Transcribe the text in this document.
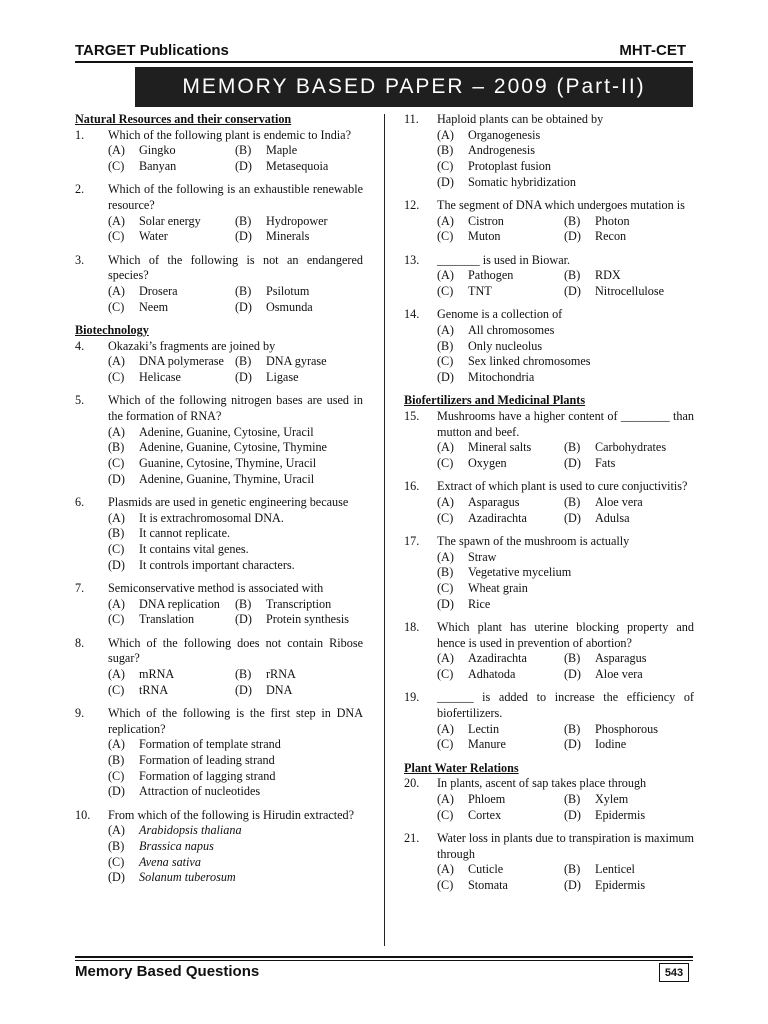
TARGET Publications	MHT-CET
MEMORY BASED PAPER – 2009 (Part-II)
Natural Resources and their conservation
1.	Which of the following plant is endemic to India?
(A)	Gingko	(B)	Maple
(C)	Banyan	(D)	Metasequoia
2.	Which of the following is an exhaustible renewable resource?
(A)	Solar energy	(B)	Hydropower
(C)	Water	(D)	Minerals
3.	Which of the following is not an endangered species?
(A)	Drosera	(B)	Psilotum
(C)	Neem	(D)	Osmunda
Biotechnology
4.	Okazaki’s fragments are joined by
(A)	DNA polymerase (B)	DNA gyrase
(C)	Helicase	(D)	Ligase
5.	Which of the following nitrogen bases are used in the formation of RNA?
(A)	Adenine, Guanine, Cytosine, Uracil
(B)	Adenine, Guanine, Cytosine, Thymine
(C)	Guanine, Cytosine, Thymine, Uracil
(D)	Adenine, Guanine, Thymine, Uracil
6.	Plasmids are used in genetic engineering because
(A)	It is extrachromosomal DNA.
(B)	It cannot replicate.
(C)	It contains vital genes.
(D)	It controls important characters.
7.	Semiconservative method is associated with
(A)	DNA replication	(B)	Transcription
(C)	Translation	(D)	Protein synthesis
8.	Which of the following does not contain Ribose sugar?
(A)	mRNA	(B)	rRNA
(C)	tRNA	(D)	DNA
9.	Which of the following is the first step in DNA replication?
(A)	Formation of template strand
(B)	Formation of leading strand
(C)	Formation of lagging strand
(D)	Attraction of nucleotides
10.	From which of the following is Hirudin extracted?
(A)	Arabidopsis thaliana
(B)	Brassica napus
(C)	Avena sativa
(D)	Solanum tuberosum
11.	Haploid plants can be obtained by
(A)	Organogenesis
(B)	Androgenesis
(C)	Protoplast fusion
(D)	Somatic hybridization
12.	The segment of DNA which undergoes mutation is
(A)	Cistron	(B)	Photon
(C)	Muton	(D)	Recon
13.	_______ is used in Biowar.
(A)	Pathogen	(B)	RDX
(C)	TNT	(D)	Nitrocellulose
14.	Genome is a collection of
(A)	All chromosomes
(B)	Only nucleolus
(C)	Sex linked chromosomes
(D)	Mitochondria
Biofertilizers and Medicinal Plants
15.	Mushrooms have a higher content of ________ than mutton and beef.
(A)	Mineral salts	(B)	Carbohydrates
(C)	Oxygen	(D)	Fats
16.	Extract of which plant is used to cure conjuctivitis?
(A)	Asparagus	(B)	Aloe vera
(C)	Azadirachta	(D)	Adulsa
17.	The spawn of the mushroom is actually
(A)	Straw
(B)	Vegetative mycelium
(C)	Wheat grain
(D)	Rice
18.	Which plant has uterine blocking property and hence is used in prevention of abortion?
(A)	Azadirachta	(B)	Asparagus
(C)	Adhatoda	(D)	Aloe vera
19.	______ is added to increase the efficiency of biofertilizers.
(A)	Lectin	(B)	Phosphorous
(C)	Manure	(D)	Iodine
Plant Water Relations
20.	In plants, ascent of sap takes place through
(A)	Phloem	(B)	Xylem
(C)	Cortex	(D)	Epidermis
21.	Water loss in plants due to transpiration is maximum through
(A)	Cuticle	(B)	Lenticel
(C)	Stomata	(D)	Epidermis
Memory Based Questions	543
